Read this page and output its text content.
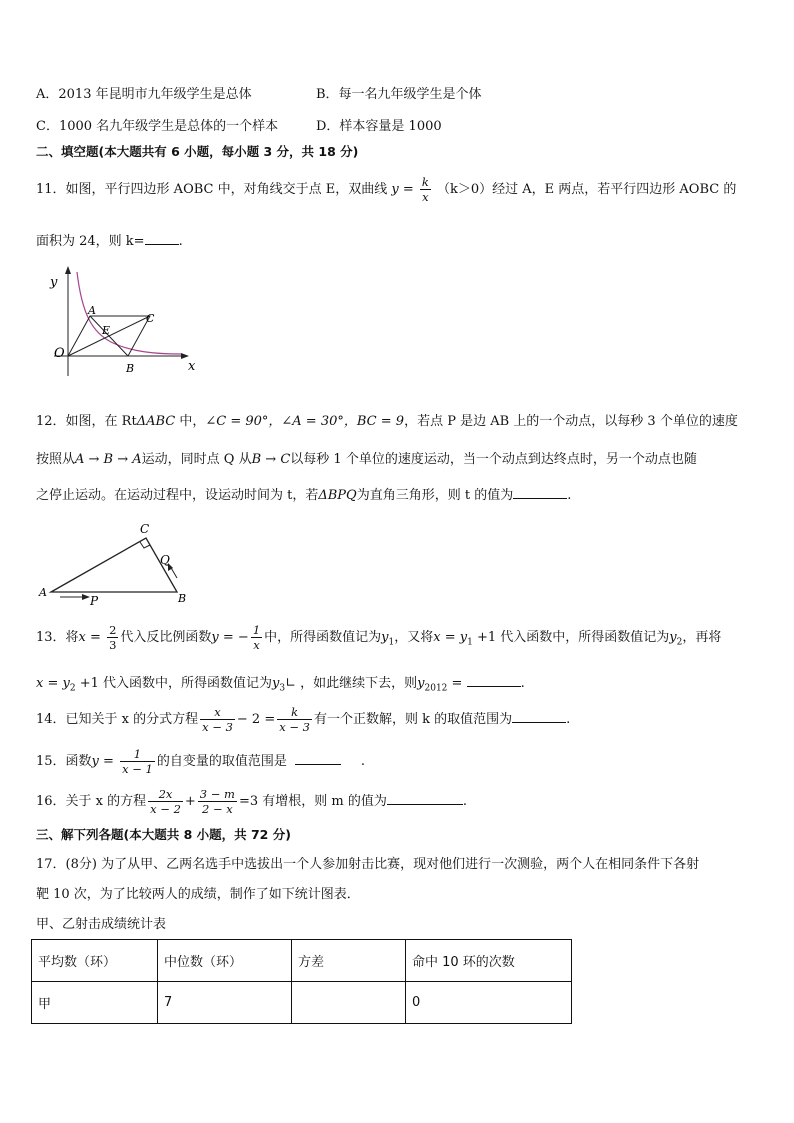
A．2013 年昆明市九年级学生是总体	B．每一名九年级学生是个体
C．1000 名九年级学生是总体的一个样本	D．样本容量是 1000
二、填空题(本大题共有 6 小题，每小题 3 分，共 18 分)
11．如图，平行四边形 AOBC 中，对角线交于点 E，双曲线 $y = \frac{k}{x} (k>0)$经过 A，E 两点，若平行四边形 AOBC 的
面积为 24，则 k=	.
y
x
O
A
E
C
B
12．如图，在 RtΔABC 中，∠C = 90°，∠A = 30°，BC = 9，若点 P 是边 AB 上的一个动点，以每秒 3 个单位的速度
按照从A → B → A运动，同时点 Q 从B → C以每秒 1 个单位的速度运动，当一个动点到达终点时，另一个动点也随
之停止运动。在运动过程中，设运动时间为 t，若ΔBPQ为直角三角形，则 t 的值为	.
C
Q
A
P	B
13．将$x = \frac{2}{3}$ 代入反比例函数y = − $\frac{1}{x}$ 中，所得函数值记为$y_1$，又将$x = y_1 +1$ 代入函数中，所得函数值记为$y_2$，再将
$x = y_2 +1$ 代入函数中，所得函数值记为$y_3∟$ ，如此继续下去，则$y_{2012}$ =	.
14．已知关于 x 的分式方程 $\frac{x}{x - 3} - 2 = \frac{k}{x - 3}$ 有一个正数解，则 k 的取值范围为	.
15．函数$y = \frac{1}{x - 1}$ 的自变量的取值范围是	.
16．关于 x 的方程 $\frac{2x}{x - 2} + \frac{3 - m}{2 - x} =3$ 有增根，则 m 的值为	.
三、解下列各题(本大题共 8 小题，共 72 分)
17．(8分) 为了从甲、乙两名选手中选拔出一个人参加射击比赛，现对他们进行一次测验，两个人在相同条件下各射
靶 10 次，为了比较两人的成绩，制作了如下统计图表．
甲、乙射击成绩统计表
平均数（环）	中位数（环）	方差	命中 10 环的次数
甲	7		0
